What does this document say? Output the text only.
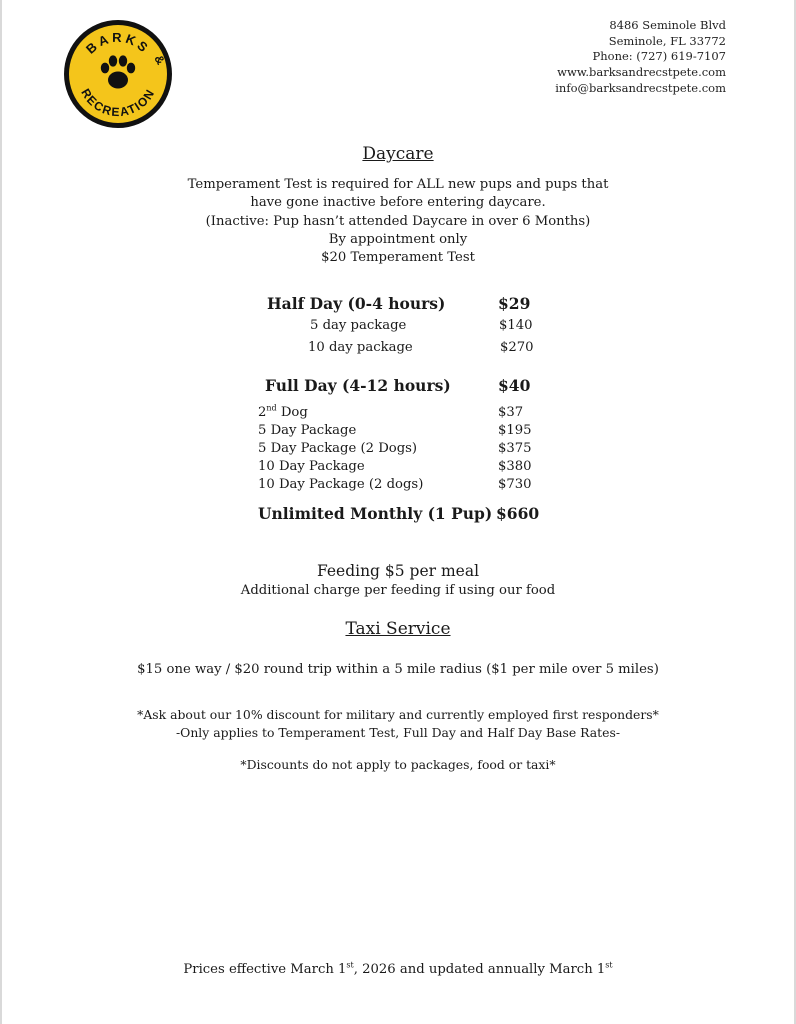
BARKS
&
RECREATION
8486 Seminole Blvd
Seminole, FL 33772
Phone: (727) 619-7107
www.barksandrecstpete.com
info@barksandrecstpete.com
Daycare
Temperament Test is required for ALL new pups and pups that
have gone inactive before entering daycare.
(Inactive: Pup hasn’t attended Daycare in over 6 Months)
By appointment only
$20 Temperament Test
Half Day (0-4 hours)	$29
5 day package	$140
10 day package	$270
Full Day (4-12 hours)	$40
2nd Dog	$37
5 Day Package	$195
5 Day Package (2 Dogs)	$375
10 Day Package	$380
10 Day Package (2 dogs)	$730
Unlimited Monthly (1 Pup) $660
Feeding $5 per meal
Additional charge per feeding if using our food
Taxi Service
$15 one way / $20 round trip within a 5 mile radius ($1 per mile over 5 miles)
*Ask about our 10% discount for military and currently employed first responders*
-Only applies to Temperament Test, Full Day and Half Day Base Rates-
*Discounts do not apply to packages, food or taxi*
Prices effective March 1st, 2026 and updated annually March 1st
